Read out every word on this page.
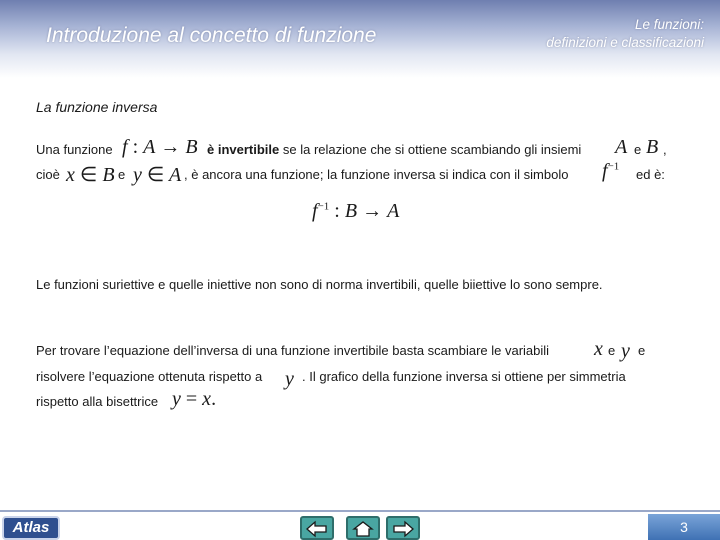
Introduzione al concetto di funzione	Le funzioni:
definizioni e classificazioni
La funzione inversa
Una funzione f : A → B è invertibile se la relazione che si ottiene scambiando gli insiemi A e B ,
cioè x ∈ B e y ∈ A , è ancora una funzione; la funzione inversa si indica con il simbolo $f^{-1}$
ed è:
$f^{-1}$ : B → A
Le funzioni suriettive e quelle iniettive non sono di norma invertibili, quelle biiettive lo sono sempre.
Per trovare l’equazione dell’inversa di una funzione invertibile basta scambiare le variabili x e y e
risolvere l’equazione ottenuta rispetto a y . Il grafico della funzione inversa si ottiene per simmetria
rispetto alla bisettrice y = x.
Atlas	3
